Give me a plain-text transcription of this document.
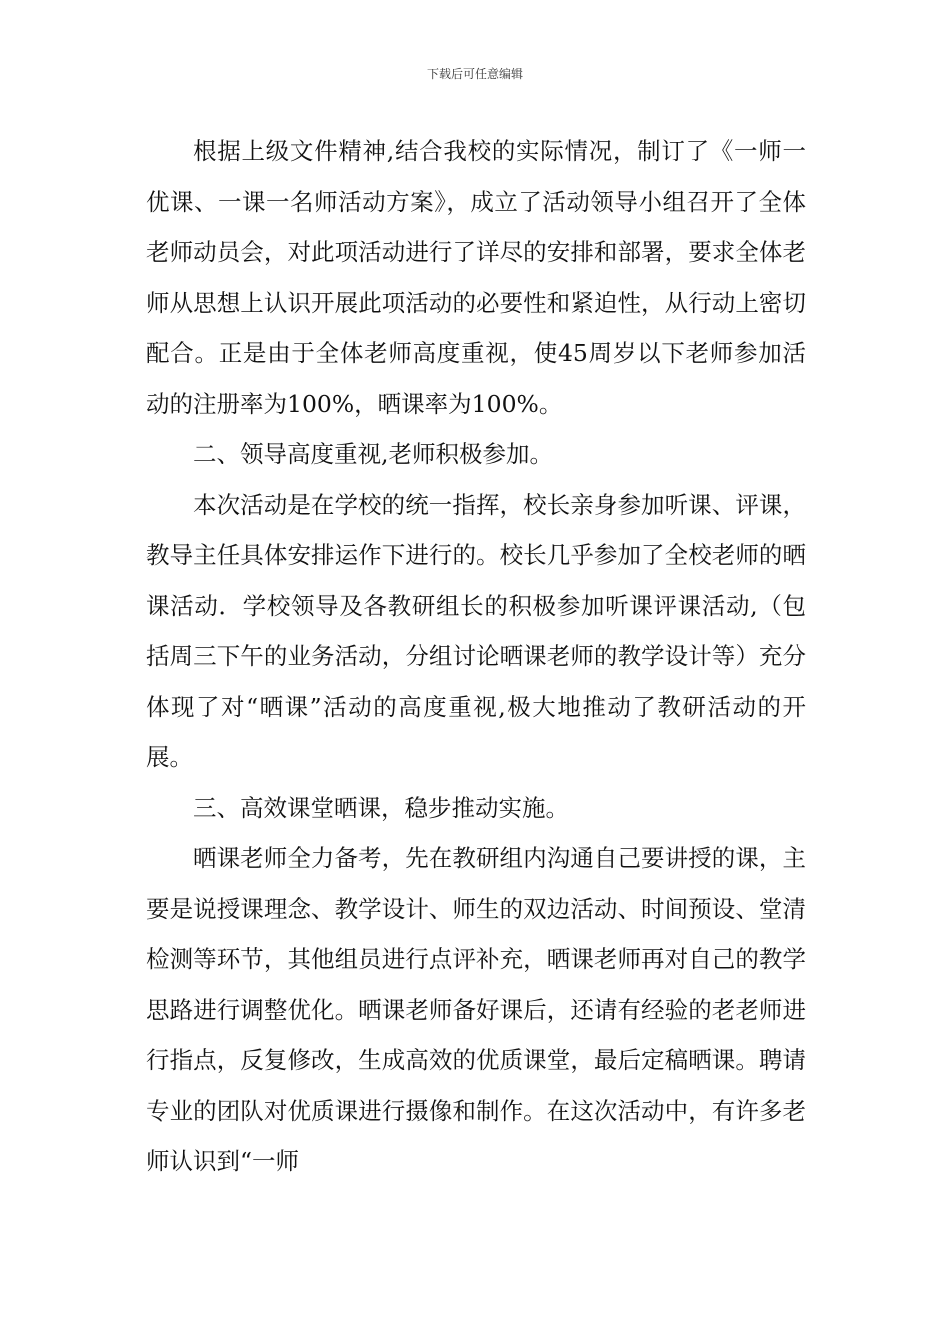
下载后可任意编辑

根据上级文件精神,结合我校的实际情况，制订了《一师一优课、一课一名师活动方案》，成立了活动领导小组召开了全体老师动员会，对此项活动进行了详尽的安排和部署，要求全体老师从思想上认识开展此项活动的必要性和紧迫性，从行动上密切配合。正是由于全体老师高度重视，使45周岁以下老师参加活动的注册率为100%，晒课率为100%。

二、领导高度重视,老师积极参加。

本次活动是在学校的统一指挥，校长亲身参加听课、评课，教导主任具体安排运作下进行的。校长几乎参加了全校老师的晒课活动．学校领导及各教研组长的积极参加听课评课活动,（包括周三下午的业务活动，分组讨论晒课老师的教学设计等）充分体现了对“晒课”活动的高度重视,极大地推动了教研活动的开展。

三、高效课堂晒课，稳步推动实施。

晒课老师全力备考，先在教研组内沟通自己要讲授的课，主要是说授课理念、教学设计、师生的双边活动、时间预设、堂清检测等环节，其他组员进行点评补充，晒课老师再对自己的教学思路进行调整优化。晒课老师备好课后，还请有经验的老老师进行指点，反复修改，生成高效的优质课堂，最后定稿晒课。聘请专业的团队对优质课进行摄像和制作。在这次活动中，有许多老师认识到“一师
